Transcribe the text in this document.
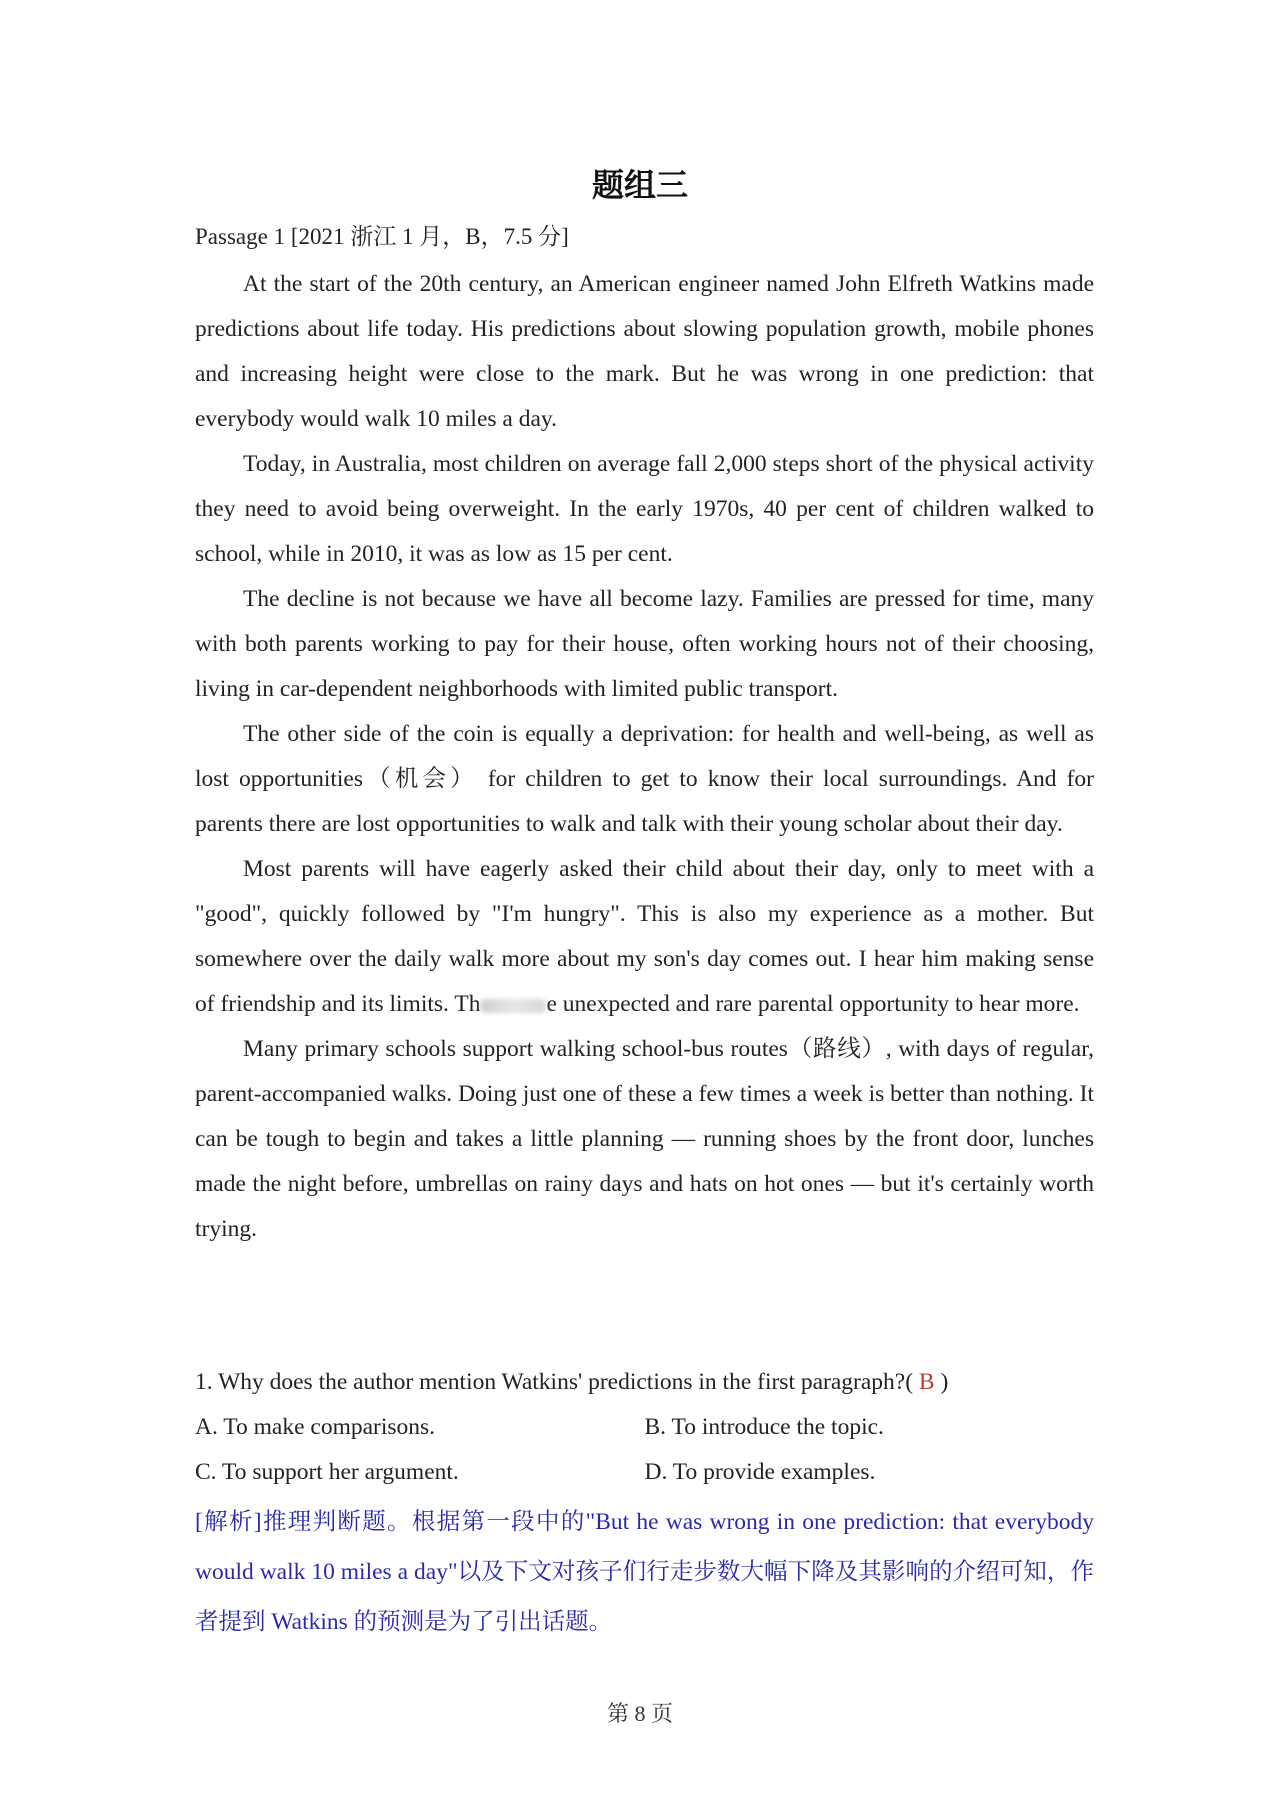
题组三
Passage 1 [2021 浙江 1 月，B，7.5 分]

At the start of the 20th century, an American engineer named John Elfreth Watkins made predictions about life today. His predictions about slowing population growth, mobile phones and increasing height were close to the mark. But he was wrong in one prediction: that everybody would walk 10 miles a day.

Today, in Australia, most children on average fall 2,000 steps short of the physical activity they need to avoid being overweight. In the early 1970s, 40 per cent of children walked to school, while in 2010, it was as low as 15 per cent.

The decline is not because we have all become lazy. Families are pressed for time, many with both parents working to pay for their house, often working hours not of their choosing, living in car-dependent neighborhoods with limited public transport.

The other side of the coin is equally a deprivation: for health and well-being, as well as lost opportunities（机会） for children to get to know their local surroundings. And for parents there are lost opportunities to walk and talk with their young scholar about their day.

Most parents will have eagerly asked their child about their day, only to meet with a "good", quickly followed by "I'm hungry". This is also my experience as a mother. But somewhere over the daily walk more about my son's day comes out. I hear him making sense of friendship and its limits. Th	e unexpected and rare parental opportunity to hear more.

Many primary schools support walking school-bus routes（路线）, with days of regular, parent-accompanied walks. Doing just one of these a few times a week is better than nothing. It can be tough to begin and takes a little planning — running shoes by the front door, lunches made the night before, umbrellas on rainy days and hats on hot ones — but it's certainly worth trying.

1. Why does the author mention Watkins' predictions in the first paragraph?( B )
A. To make comparisons.	B. To introduce the topic.
C. To support her argument.	D. To provide examples.
[解析]推理判断题。根据第一段中的"But he was wrong in one prediction: that everybody would walk 10 miles a day"以及下文对孩子们行走步数大幅下降及其影响的介绍可知，作者提到 Watkins 的预测是为了引出话题。
第 8 页
